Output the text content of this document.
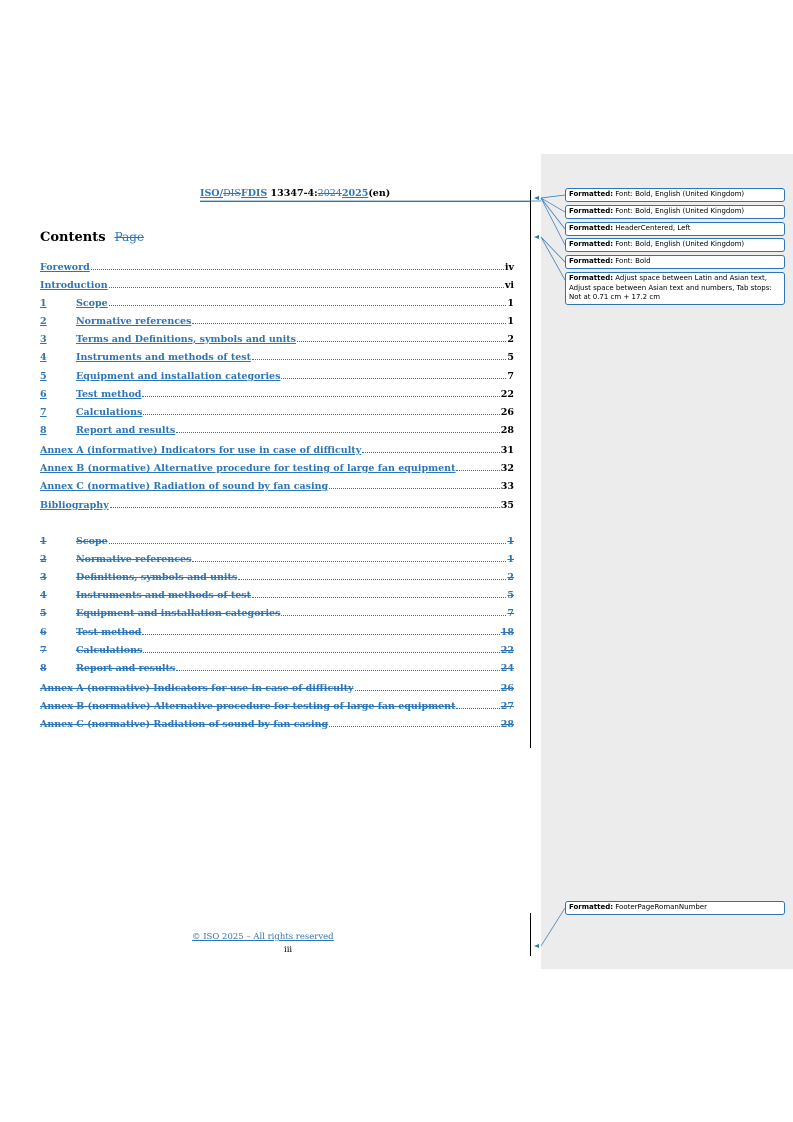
ISO/DISFDIS 13347-4:20242025(en)
Contents Page
Foreword	iv
Introduction	vi
1	Scope	1
2	Normative references	1
3	Terms and Definitions, symbols and units	2
4	Instruments and methods of test	5
5	Equipment and installation categories	7
6	Test method	22
7	Calculations	26
8	Report and results	28
Annex A (informative) Indicators for use in case of difficulty	31
Annex B (normative) Alternative procedure for testing of large fan equipment	32
Annex C (normative) Radiation of sound by fan casing	33
Bibliography	35
1	Scope	1
2	Normative references	1
3	Definitions, symbols and units	2
4	Instruments and methods of test	5
5	Equipment and installation categories	7
6	Test method	18
7	Calculations	22
8	Report and results	24
Annex A (normative) Indicators for use in case of difficulty	26
Annex B (normative) Alternative procedure for testing of large fan equipment	27
Annex C (normative) Radiation of sound by fan casing	28
Formatted: Font: Bold, English (United Kingdom)
Formatted: Font: Bold, English (United Kingdom)
Formatted: HeaderCentered, Left
Formatted: Font: Bold, English (United Kingdom)
Formatted: Font: Bold
Formatted: Adjust space between Latin and Asian text, Adjust space between Asian text and numbers, Tab stops: Not at 0.71 cm + 17.2 cm
Formatted: FooterPageRomanNumber
© ISO 2025 – All rights reserved
iii
